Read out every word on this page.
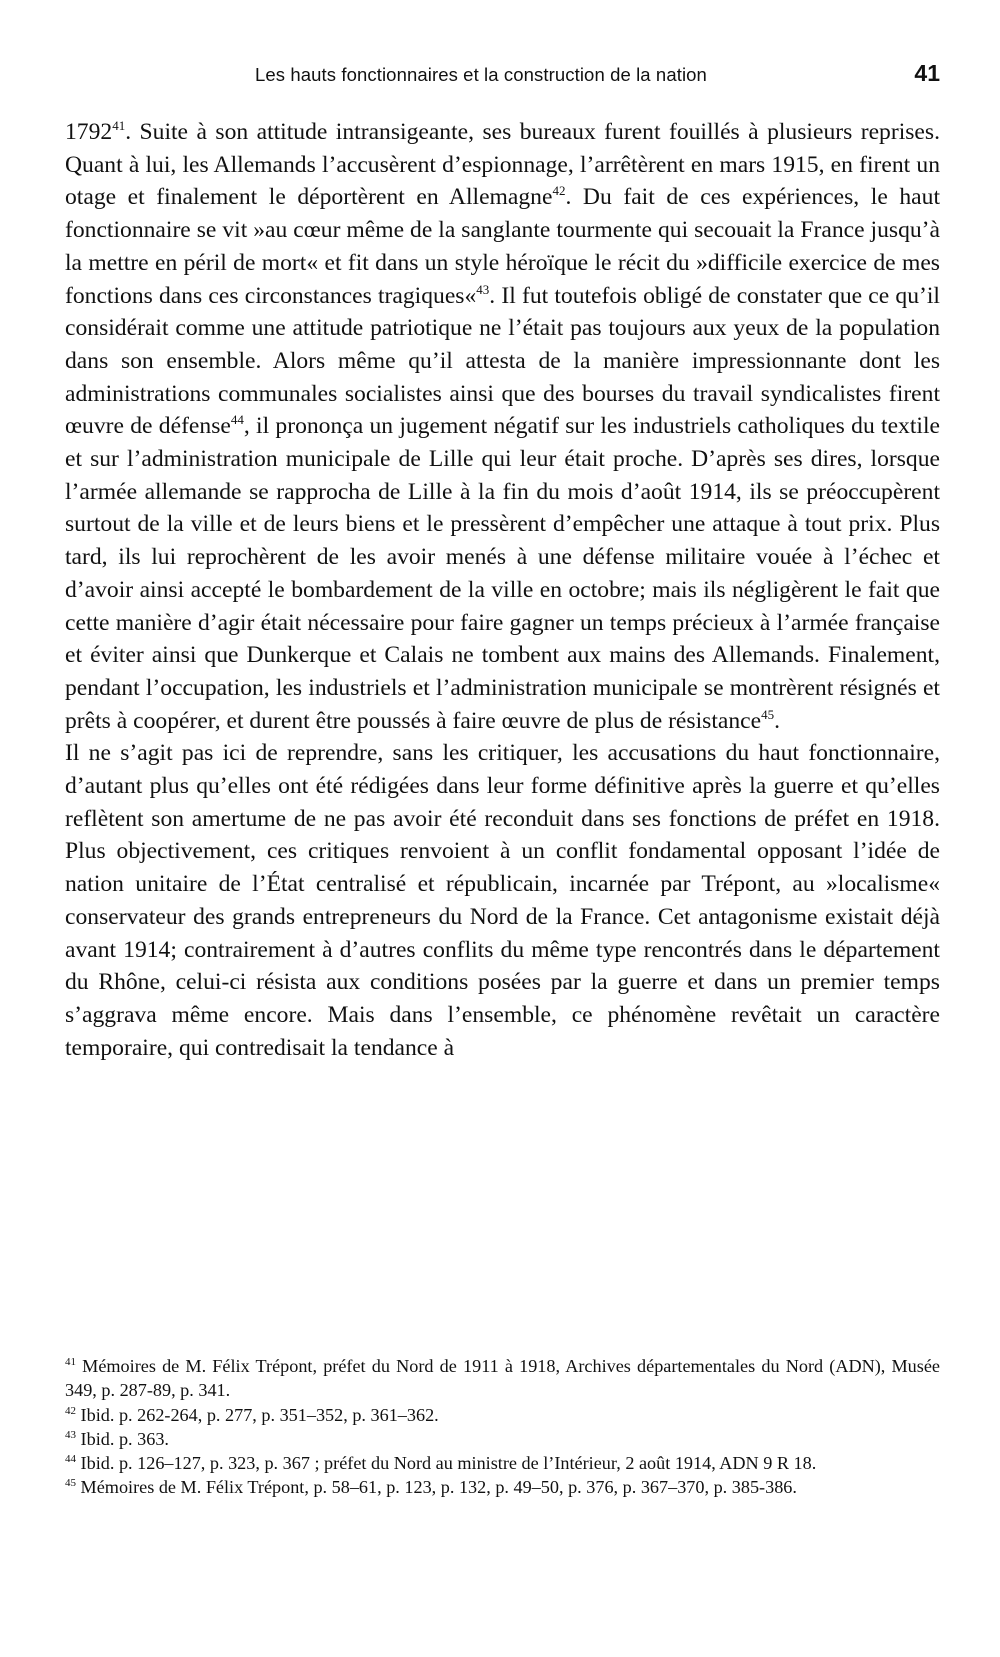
Les hauts fonctionnaires et la construction de la nation	41

1792$^{41}$. Suite à son attitude intransigeante, ses bureaux furent fouillés à plusieurs reprises. Quant à lui, les Allemands l’accusèrent d’espionnage, l’arrêtèrent en mars 1915, en firent un otage et finalement le déportèrent en Allemagne$^{42}$. Du fait de ces expériences, le haut fonctionnaire se vit »au cœur même de la sanglante tourmente qui secouait la France jusqu’à la mettre en péril de mort« et fit dans un style héroïque le récit du »difficile exercice de mes fonctions dans ces circonstances tragiques«$^{43}$. Il fut toutefois obligé de constater que ce qu’il considérait comme une attitude patriotique ne l’était pas toujours aux yeux de la population dans son ensemble. Alors même qu’il attesta de la manière impressionnante dont les administrations communales socialistes ainsi que des bourses du travail syndicalistes firent œuvre de défense$^{44}$, il prononça un jugement négatif sur les industriels catholiques du textile et sur l’administration municipale de Lille qui leur était proche. D’après ses dires, lorsque l’armée allemande se rapprocha de Lille à la fin du mois d’août 1914, ils se préoccupèrent surtout de la ville et de leurs biens et le pressèrent d’empêcher une attaque à tout prix. Plus tard, ils lui reprochèrent de les avoir menés à une défense militaire vouée à l’échec et d’avoir ainsi accepté le bombardement de la ville en octobre; mais ils négligèrent le fait que cette manière d’agir était nécessaire pour faire gagner un temps précieux à l’armée française et éviter ainsi que Dunkerque et Calais ne tombent aux mains des Allemands. Finalement, pendant l’occupation, les industriels et l’administration municipale se montrèrent résignés et prêts à coopérer, et durent être poussés à faire œuvre de plus de résistance$^{45}$.

Il ne s’agit pas ici de reprendre, sans les critiquer, les accusations du haut fonctionnaire, d’autant plus qu’elles ont été rédigées dans leur forme définitive après la guerre et qu’elles reflètent son amertume de ne pas avoir été reconduit dans ses fonctions de préfet en 1918. Plus objectivement, ces critiques renvoient à un conflit fondamental opposant l’idée de nation unitaire de l’État centralisé et républicain, incarnée par Trépont, au »localisme« conservateur des grands entrepreneurs du Nord de la France. Cet antagonisme existait déjà avant 1914; contrairement à d’autres conflits du même type rencontrés dans le département du Rhône, celui-ci résista aux conditions posées par la guerre et dans un premier temps s’aggrava même encore. Mais dans l’ensemble, ce phénomène revêtait un caractère temporaire, qui contredisait la tendance à

$^{41}$ Mémoires de M. Félix Trépont, préfet du Nord de 1911 à 1918, Archives départementales du Nord (ADN), Musée 349, p. 287-89, p. 341.

$^{42}$ Ibid. p. 262-264, p. 277, p. 351–352, p. 361–362.

$^{43}$ Ibid. p. 363.

$^{44}$ Ibid. p. 126–127, p. 323, p. 367 ; préfet du Nord au ministre de l’Intérieur, 2 août 1914, ADN 9 R 18.

$^{45}$ Mémoires de M. Félix Trépont, p. 58–61, p. 123, p. 132, p. 49–50, p. 376, p. 367–370, p. 385-386.
